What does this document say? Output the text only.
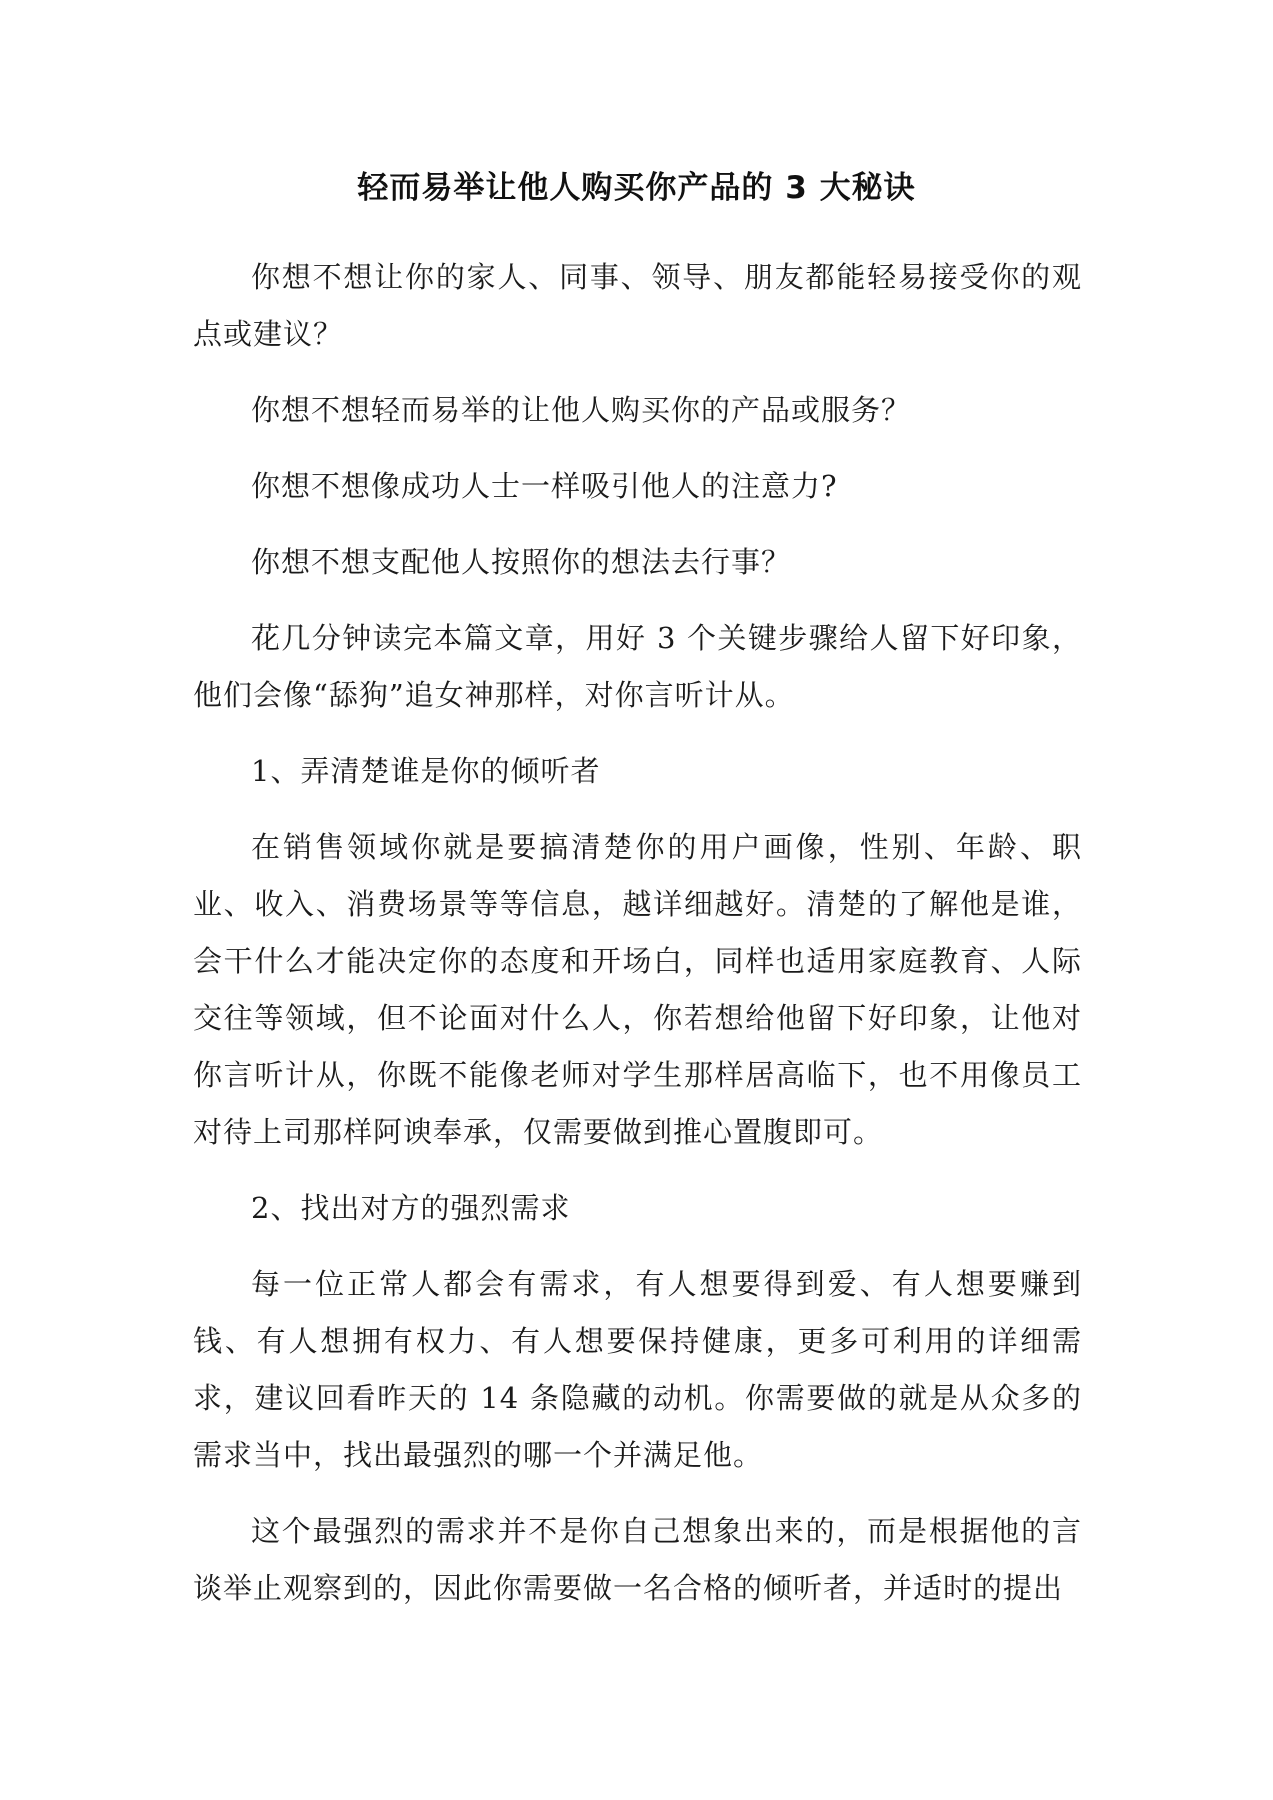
轻而易举让他人购买你产品的 3 大秘诀

你想不想让你的家人、同事、领导、朋友都能轻易接受你的观点或建议？

你想不想轻而易举的让他人购买你的产品或服务？

你想不想像成功人士一样吸引他人的注意力?

你想不想支配他人按照你的想法去行事？

花几分钟读完本篇文章，用好 3 个关键步骤给人留下好印象，他们会像“舔狗”追女神那样，对你言听计从。

1、弄清楚谁是你的倾听者

在销售领域你就是要搞清楚你的用户画像，性别、年龄、职业、收入、消费场景等等信息，越详细越好。清楚的了解他是谁，会干什么才能决定你的态度和开场白，同样也适用家庭教育、人际交往等领域，但不论面对什么人，你若想给他留下好印象，让他对你言听计从，你既不能像老师对学生那样居高临下，也不用像员工对待上司那样阿谀奉承，仅需要做到推心置腹即可。

2、找出对方的强烈需求

每一位正常人都会有需求，有人想要得到爱、有人想要赚到钱、有人想拥有权力、有人想要保持健康，更多可利用的详细需求，建议回看昨天的 14 条隐藏的动机。你需要做的就是从众多的需求当中，找出最强烈的哪一个并满足他。

这个最强烈的需求并不是你自己想象出来的，而是根据他的言谈举止观察到的，因此你需要做一名合格的倾听者，并适时的提出
